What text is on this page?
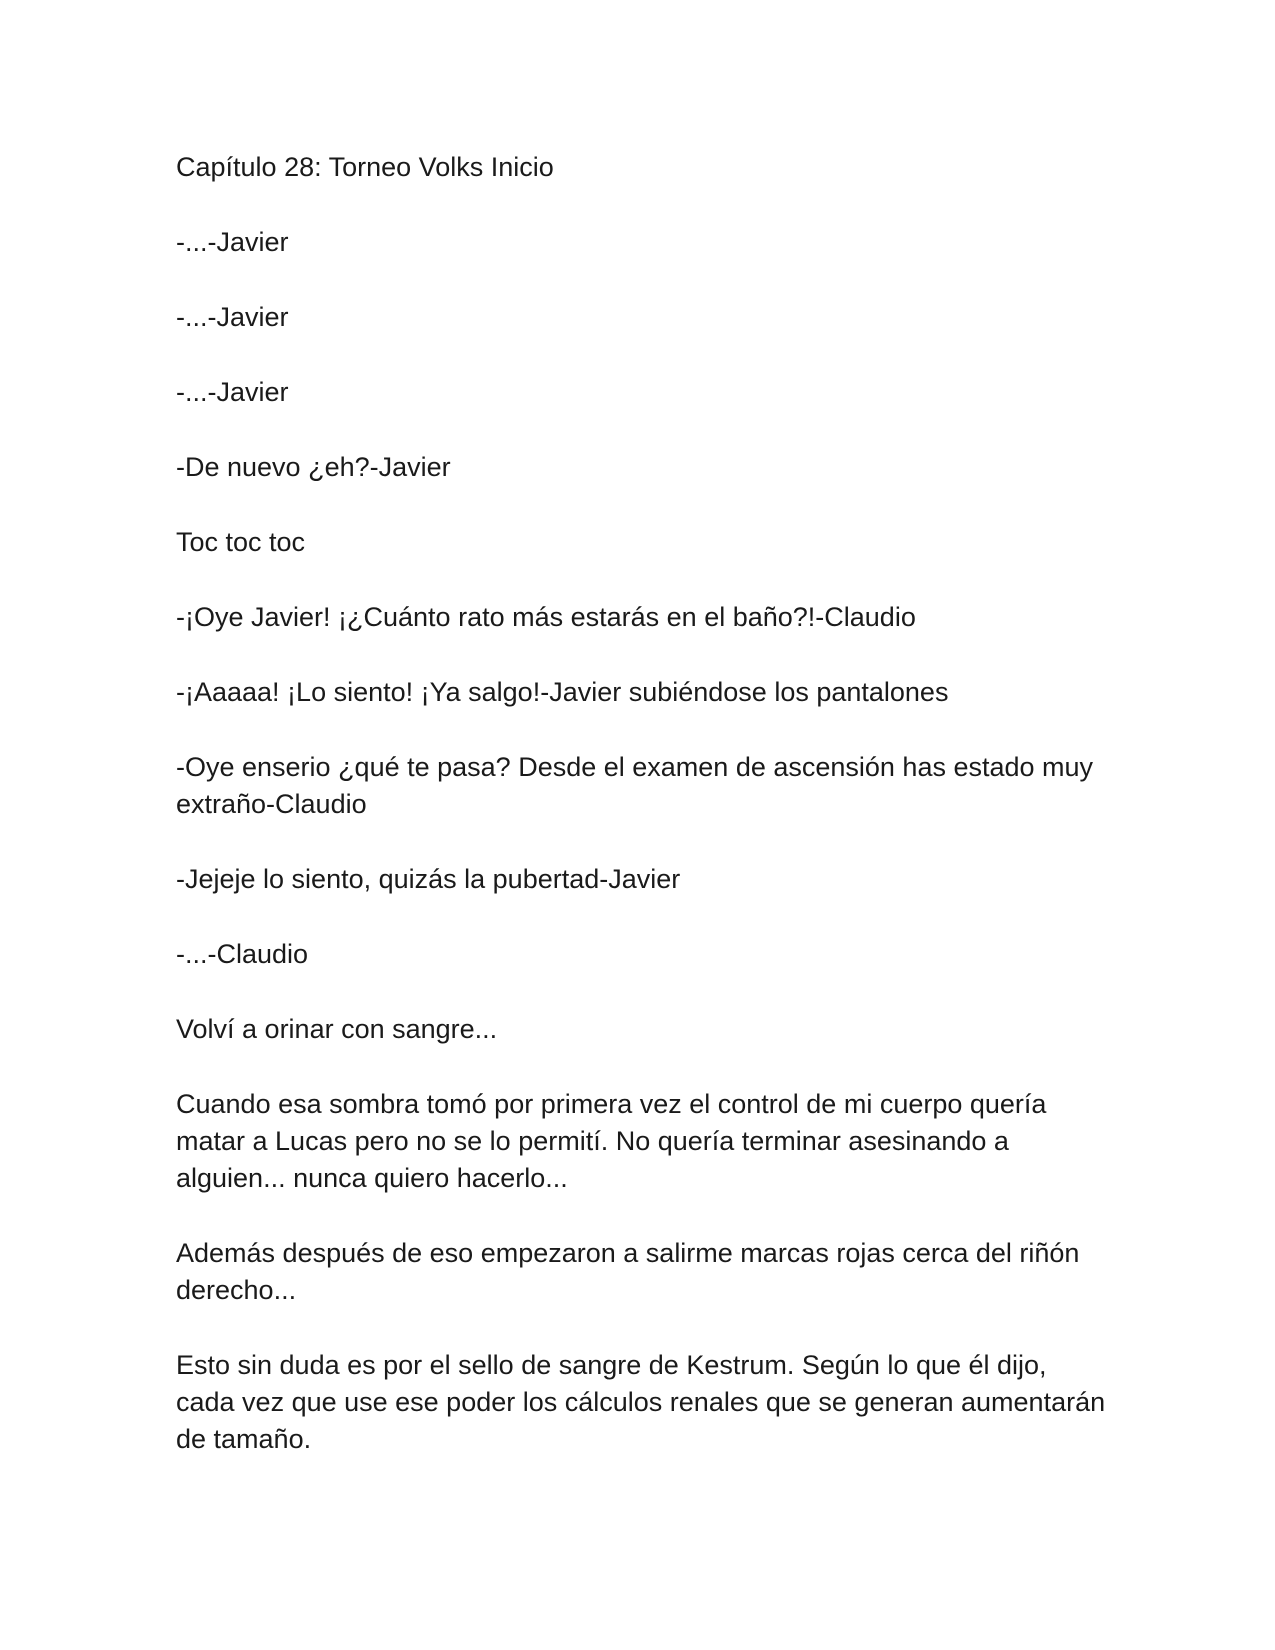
Capítulo 28: Torneo Volks Inicio

-...-Javier

-...-Javier

-...-Javier

-De nuevo ¿eh?-Javier

Toc toc toc

-¡Oye Javier! ¡¿Cuánto rato más estarás en el baño?!-Claudio

-¡Aaaaa! ¡Lo siento! ¡Ya salgo!-Javier subiéndose los pantalones

-Oye enserio ¿qué te pasa? Desde el examen de ascensión has estado muy extraño-Claudio

-Jejeje lo siento, quizás la pubertad-Javier

-...-Claudio

Volví a orinar con sangre...

Cuando esa sombra tomó por primera vez el control de mi cuerpo quería matar a Lucas pero no se lo permití. No quería terminar asesinando a alguien... nunca quiero hacerlo...

Además después de eso empezaron a salirme marcas rojas cerca del riñón derecho...

Esto sin duda es por el sello de sangre de Kestrum. Según lo que él dijo, cada vez que use ese poder los cálculos renales que se generan aumentarán de tamaño.
